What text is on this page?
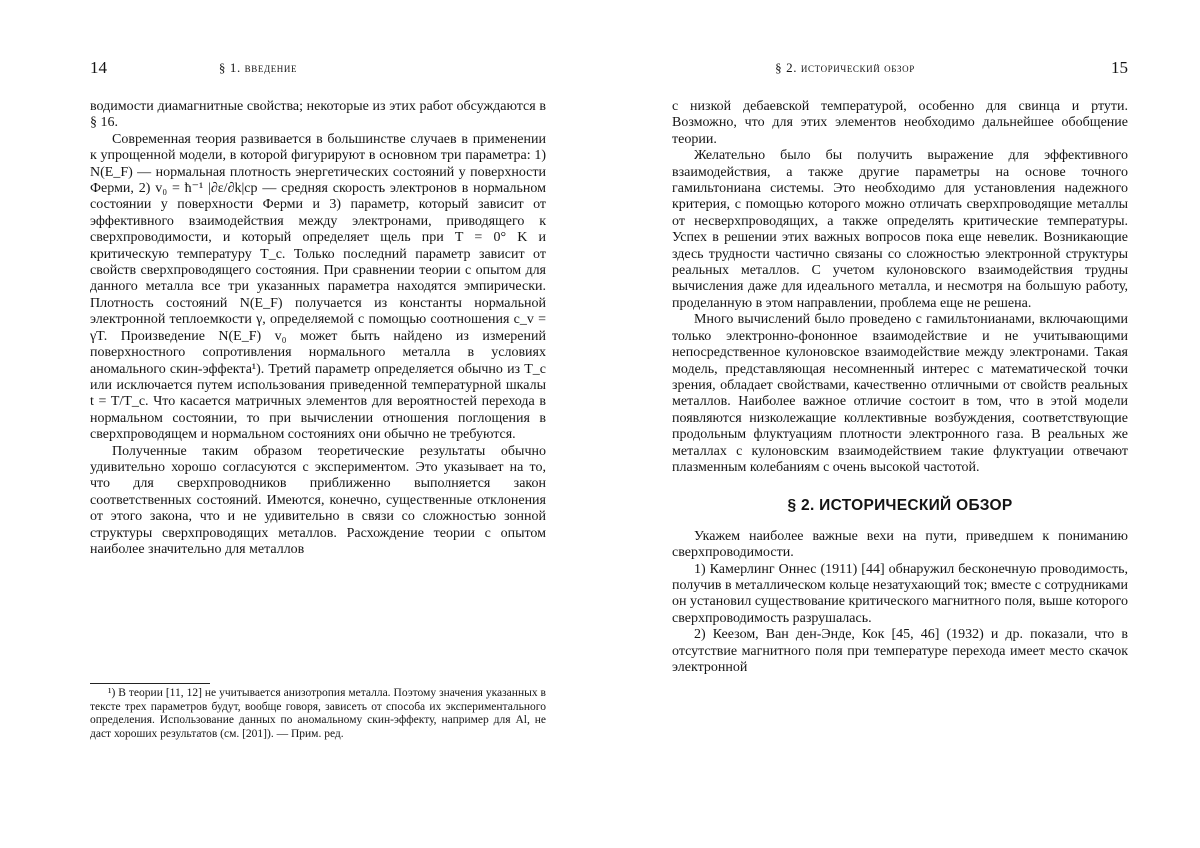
14	§ 1. введение

водимости диамагнитные свойства; некоторые из этих работ обсуждаются в § 16.

Современная теория развивается в большинстве случаев в применении к упрощенной модели, в которой фигурируют в основном три параметра: 1) N(E_F) — нормальная плотность энергетических состояний у поверхности Ферми, 2) v₀ = ħ⁻¹ |∂ε/∂k|ср — средняя скорость электронов в нормальном состоянии у поверхности Ферми и 3) параметр, который зависит от эффективного взаимодействия между электронами, приводящего к сверхпроводимости, и который определяет щель при T = 0° K и критическую температуру T_c. Только последний параметр зависит от свойств сверхпроводящего состояния. При сравнении теории с опытом для данного металла все три указанных параметра находятся эмпирически. Плотность состояний N(E_F) получается из константы нормальной электронной теплоемкости γ, определяемой с помощью соотношения c_v = γT. Произведение N(E_F) v₀ может быть найдено из измерений поверхностного сопротивления нормального металла в условиях аномального скин-эффекта¹). Третий параметр определяется обычно из T_c или исключается путем использования приведенной температурной шкалы t = T/T_c. Что касается матричных элементов для вероятностей перехода в нормальном состоянии, то при вычислении отношения поглощения в сверхпроводящем и нормальном состояниях они обычно не требуются.

Полученные таким образом теоретические результаты обычно удивительно хорошо согласуются с экспериментом. Это указывает на то, что для сверхпроводников приближенно выполняется закон соответственных состояний. Имеются, конечно, существенные отклонения от этого закона, что и не удивительно в связи со сложностью зонной структуры сверхпроводящих металлов. Расхождение теории с опытом наиболее значительно для металлов

¹) В теории [11, 12] не учитывается анизотропия металла. Поэтому значения указанных в тексте трех параметров будут, вообще говоря, зависеть от способа их экспериментального определения. Использование данных по аномальному скин-эффекту, например для Al, не даст хороших результатов (см. [201]). — Прим. ред.

§ 2. исторический обзор	15

с низкой дебаевской температурой, особенно для свинца и ртути. Возможно, что для этих элементов необходимо дальнейшее обобщение теории.

Желательно было бы получить выражение для эффективного взаимодействия, а также другие параметры на основе точного гамильтониана системы. Это необходимо для установления надежного критерия, с помощью которого можно отличать сверхпроводящие металлы от несверхпроводящих, а также определять критические температуры. Успех в решении этих важных вопросов пока еще невелик. Возникающие здесь трудности частично связаны со сложностью электронной структуры реальных металлов. С учетом кулоновского взаимодействия трудны вычисления даже для идеального металла, и несмотря на большую работу, проделанную в этом направлении, проблема еще не решена.

Много вычислений было проведено с гамильтонианами, включающими только электронно-фононное взаимодействие и не учитывающими непосредственное кулоновское взаимодействие между электронами. Такая модель, представляющая несомненный интерес с математической точки зрения, обладает свойствами, качественно отличными от свойств реальных металлов. Наиболее важное отличие состоит в том, что в этой модели появляются низколежащие коллективные возбуждения, соответствующие продольным флуктуациям плотности электронного газа. В реальных же металлах с кулоновским взаимодействием такие флуктуации отвечают плазменным колебаниям с очень высокой частотой.

§ 2. ИСТОРИЧЕСКИЙ ОБЗОР

Укажем наиболее важные вехи на пути, приведшем к пониманию сверхпроводимости.

1) Камерлинг Оннес (1911) [44] обнаружил бесконечную проводимость, получив в металлическом кольце незатухающий ток; вместе с сотрудниками он установил существование критического магнитного поля, выше которого сверхпроводимость разрушалась.

2) Кеезом, Ван ден-Энде, Кок [45, 46] (1932) и др. показали, что в отсутствие магнитного поля при температуре перехода имеет место скачок электронной
